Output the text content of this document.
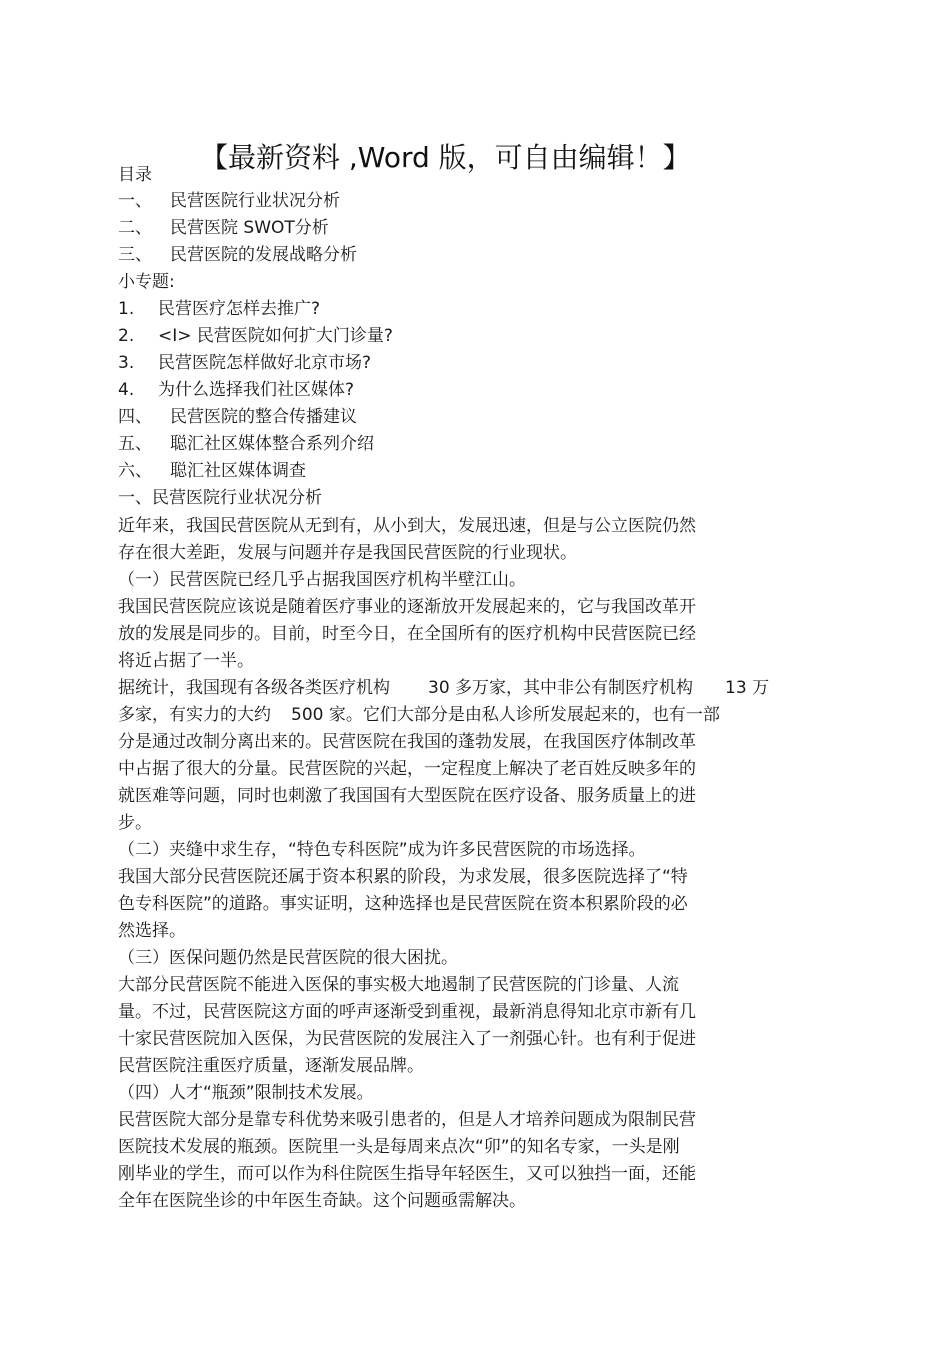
【最新资料 ,Word 版，可自由编辑！】
目录
一、 民营医院行业状况分析
二、 民营医院 SWOT分析
三、 民营医院的发展战略分析
小专题:
1. 民营医疗怎样去推广?
2. <I> 民营医院如何扩大门诊量?
3. 民营医院怎样做好北京市场?
4. 为什么选择我们社区媒体?
四、 民营医院的整合传播建议
五、 聪汇社区媒体整合系列介绍
六、 聪汇社区媒体调查
一、民营医院行业状况分析
近年来，我国民营医院从无到有，从小到大，发展迅速，但是与公立医院仍然
存在很大差距，发展与问题并存是我国民营医院的行业现状。
（一）民营医院已经几乎占据我国医疗机构半壁江山。
我国民营医院应该说是随着医疗事业的逐渐放开发展起来的，它与我国改革开
放的发展是同步的。目前，时至今日，在全国所有的医疗机构中民营医院已经
将近占据了一半。
据统计，我国现有各级各类医疗机构 30 多万家，其中非公有制医疗机构 13 万
多家，有实力的大约 500 家。它们大部分是由私人诊所发展起来的，也有一部
分是通过改制分离出来的。民营医院在我国的蓬勃发展，在我国医疗体制改革
中占据了很大的分量。民营医院的兴起，一定程度上解决了老百姓反映多年的
就医难等问题，同时也刺激了我国国有大型医院在医疗设备、服务质量上的进
步。
（二）夹缝中求生存，“特色专科医院”成为许多民营医院的市场选择。
我国大部分民营医院还属于资本积累的阶段，为求发展，很多医院选择了“特
色专科医院”的道路。事实证明，这种选择也是民营医院在资本积累阶段的必
然选择。
（三）医保问题仍然是民营医院的很大困扰。
大部分民营医院不能进入医保的事实极大地遏制了民营医院的门诊量、人流
量。不过，民营医院这方面的呼声逐渐受到重视，最新消息得知北京市新有几
十家民营医院加入医保，为民营医院的发展注入了一剂强心针。也有利于促进
民营医院注重医疗质量，逐渐发展品牌。
（四）人才“瓶颈”限制技术发展。
民营医院大部分是靠专科优势来吸引患者的，但是人才培养问题成为限制民营
医院技术发展的瓶颈。医院里一头是每周来点次“卯”的知名专家，一头是刚
刚毕业的学生，而可以作为科住院医生指导年轻医生，又可以独挡一面，还能
全年在医院坐诊的中年医生奇缺。这个问题亟需解决。
